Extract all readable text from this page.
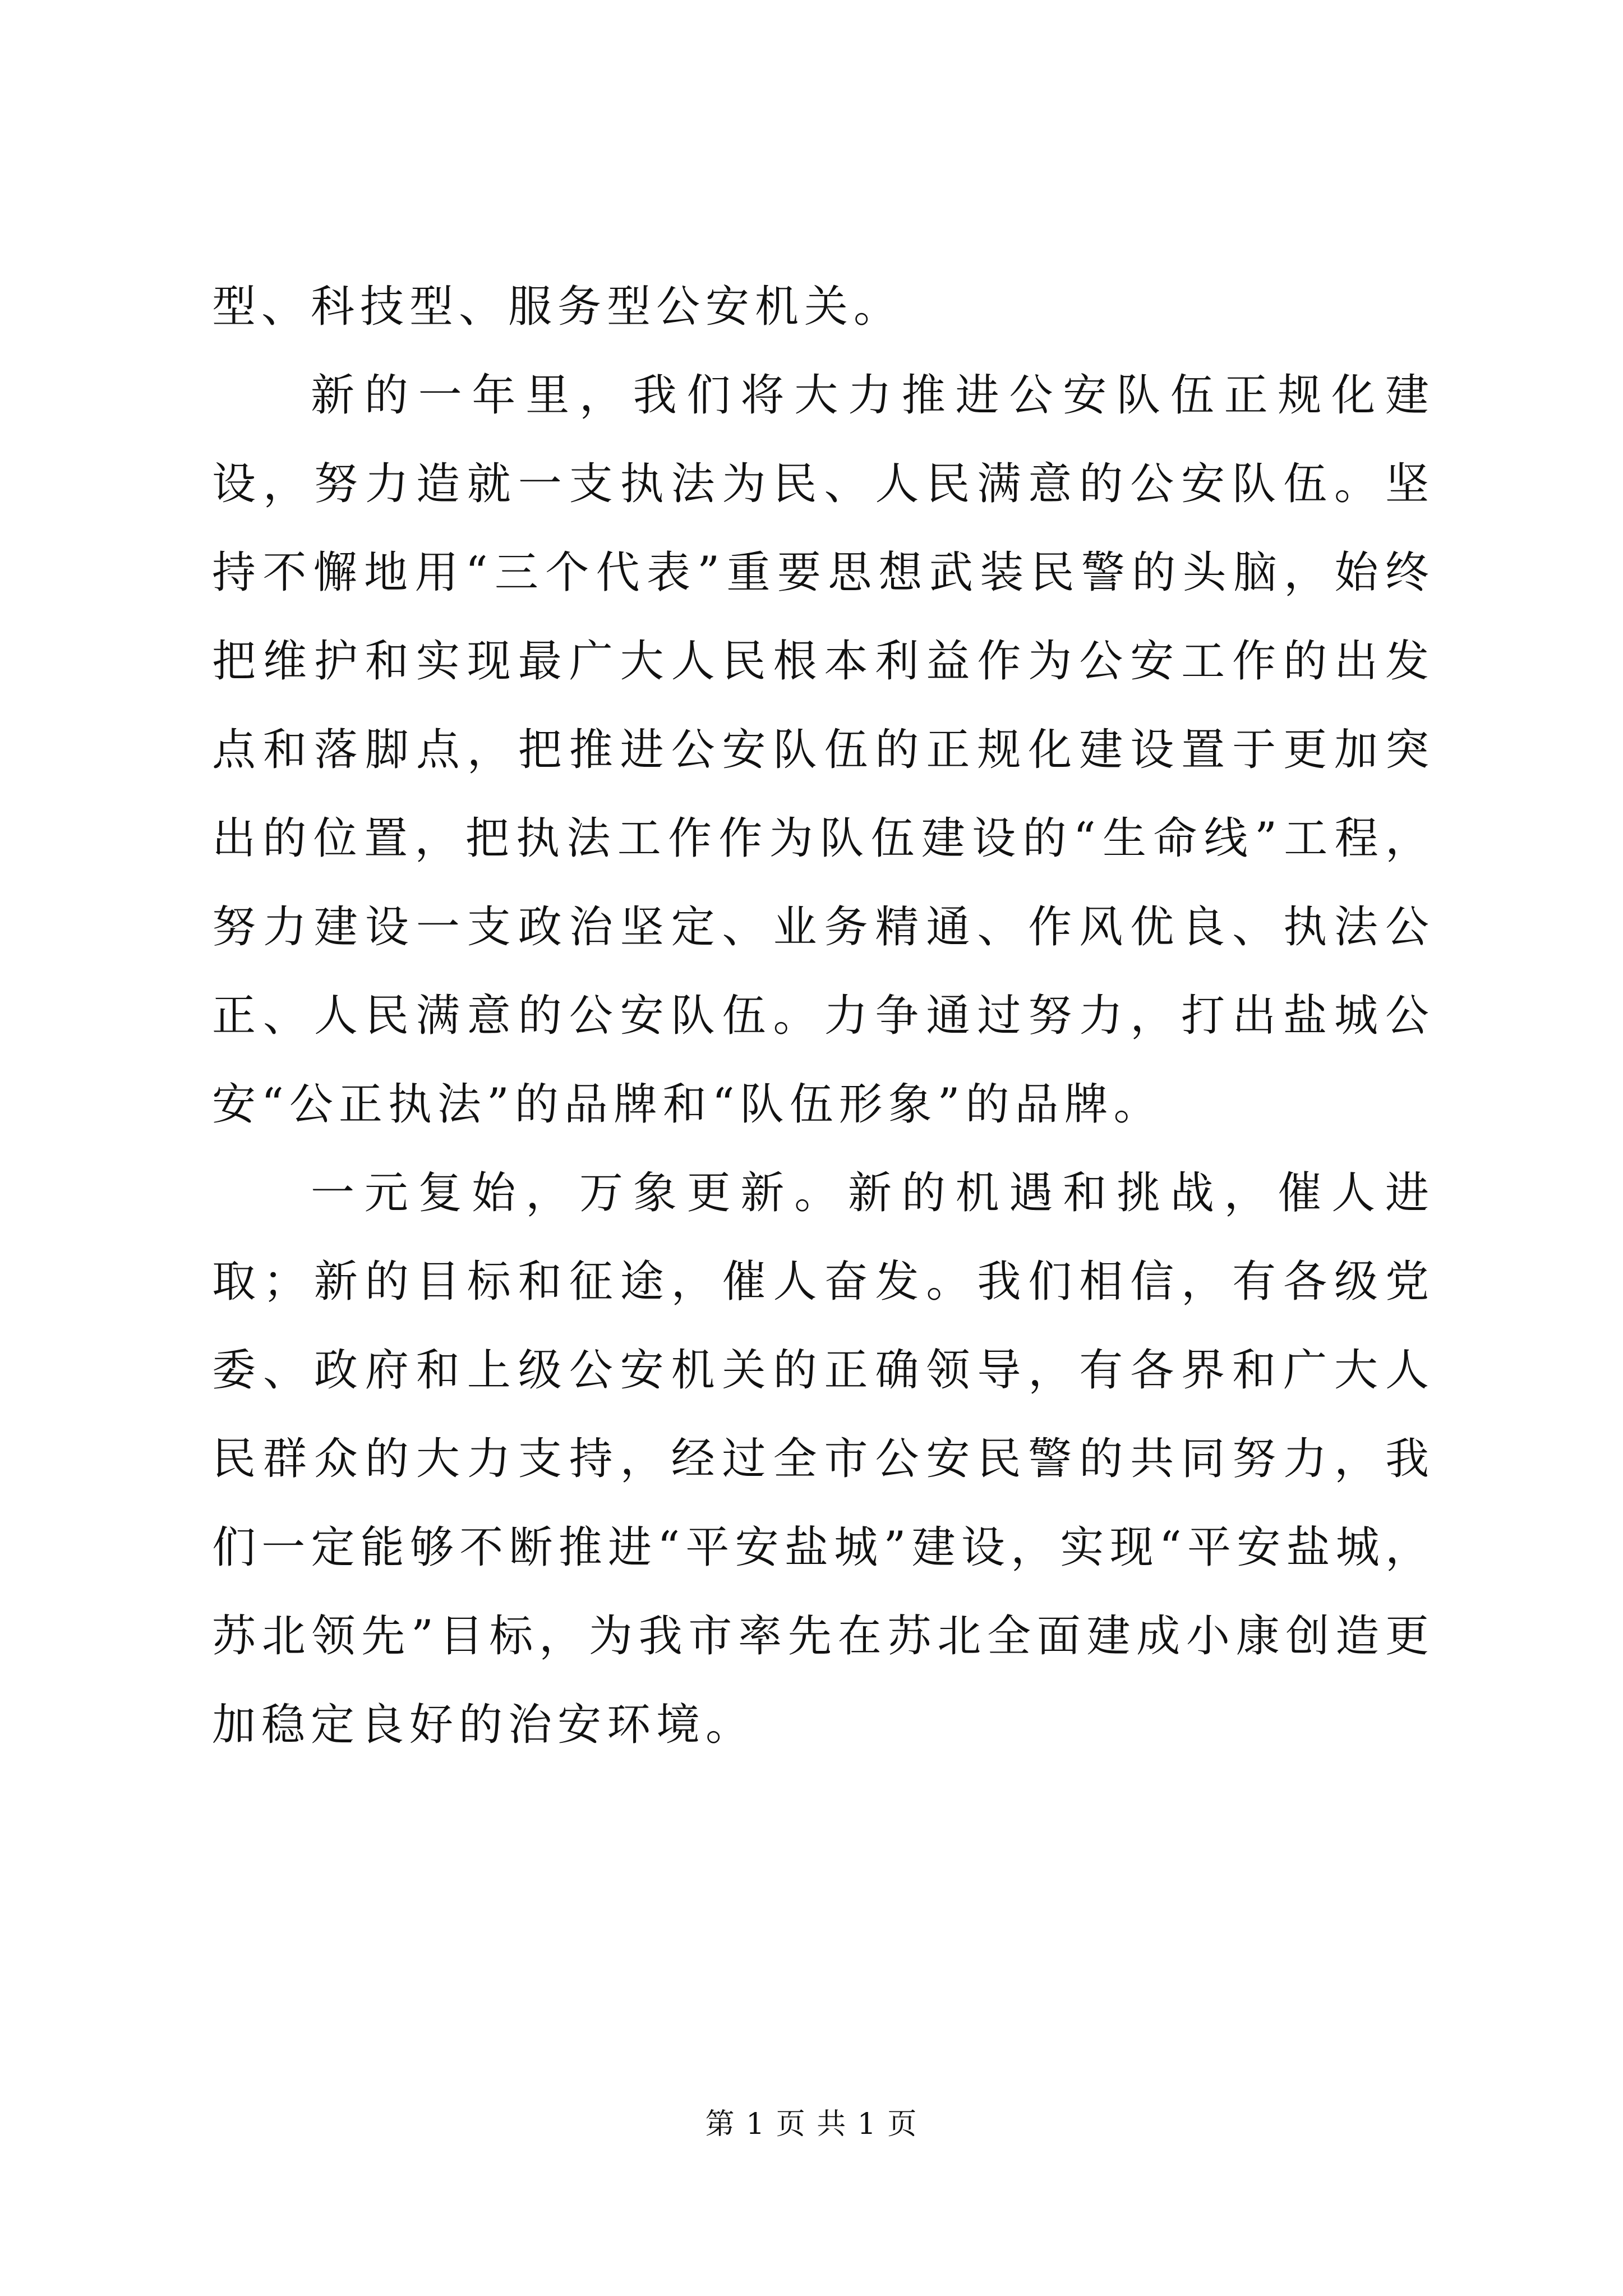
型、科技型、服务型公安机关。

新的一年里，我们将大力推进公安队伍正规化建设，努力造就一支执法为民、人民满意的公安队伍。坚持不懈地用“三个代表”重要思想武装民警的头脑，始终把维护和实现最广大人民根本利益作为公安工作的出发点和落脚点，把推进公安队伍的正规化建设置于更加突出的位置，把执法工作作为队伍建设的“生命线”工程，努力建设一支政治坚定、业务精通、作风优良、执法公正、人民满意的公安队伍。力争通过努力，打出盐城公安“公正执法”的品牌和“队伍形象”的品牌。

一元复始，万象更新。新的机遇和挑战，催人进取；新的目标和征途，催人奋发。我们相信，有各级党委、政府和上级公安机关的正确领导，有各界和广大人民群众的大力支持，经过全市公安民警的共同努力，我们一定能够不断推进“平安盐城”建设，实现“平安盐城，苏北领先”目标，为我市率先在苏北全面建成小康创造更加稳定良好的治安环境。

第 1 页 共 1 页
